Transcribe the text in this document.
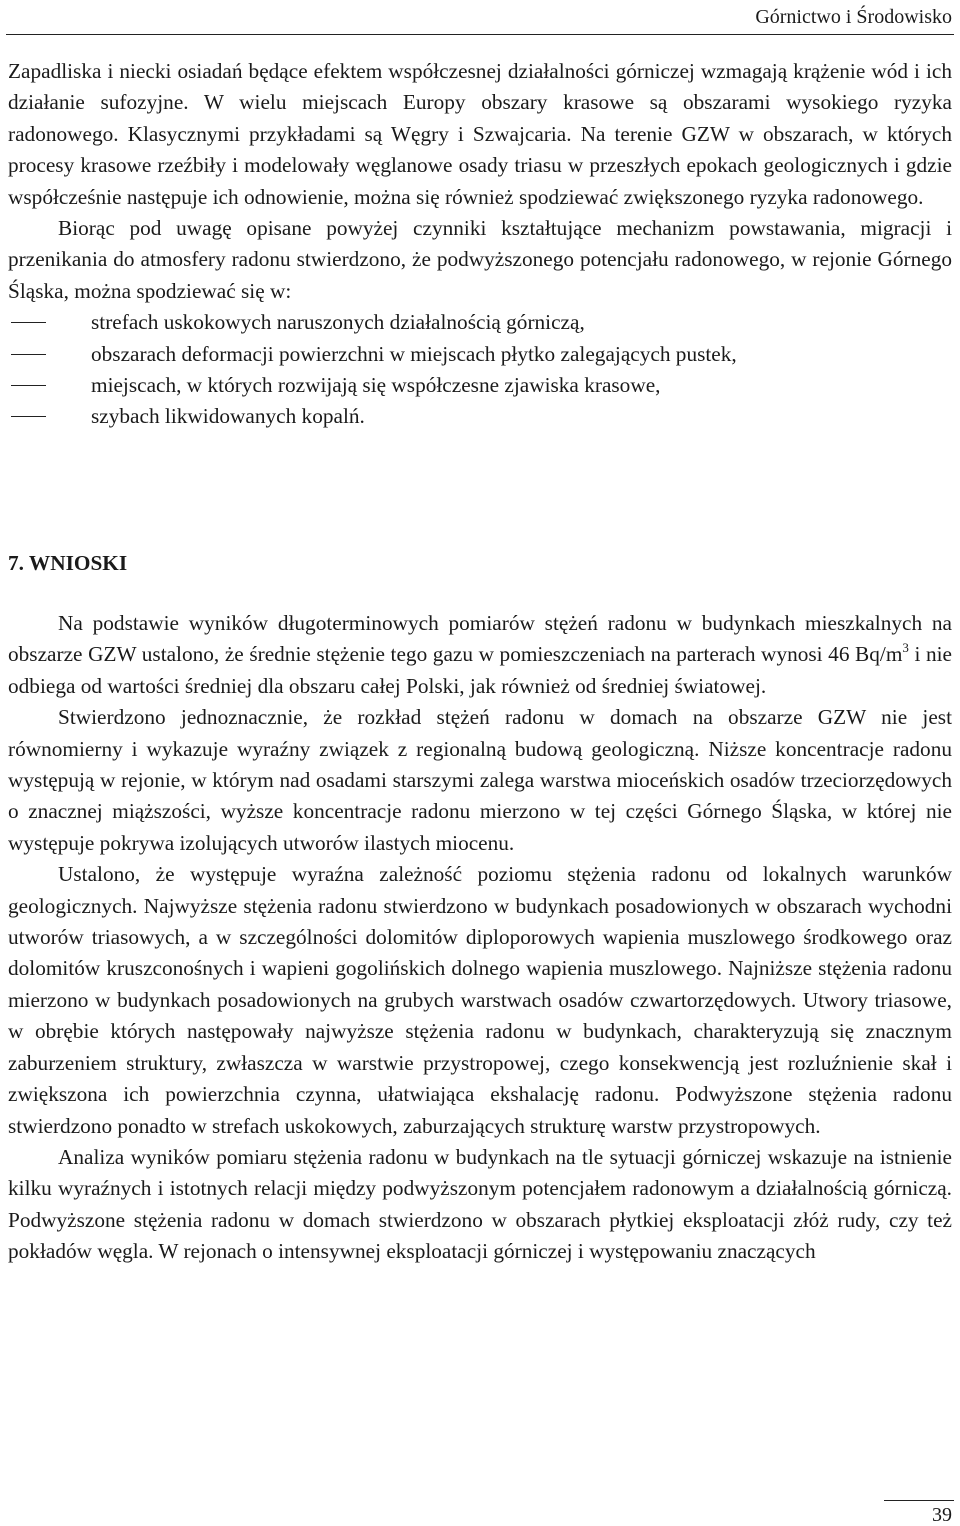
Górnictwo i Środowisko

Zapadliska i niecki osiadań będące efektem współczesnej działalności górniczej wzmagają krążenie wód i ich działanie sufozyjne. W wielu miejscach Europy obszary krasowe są obszarami wysokiego ryzyka radonowego. Klasycznymi przykładami są Węgry i Szwajcaria. Na terenie GZW w obszarach, w których procesy krasowe rzeźbiły i modelowały węglanowe osady triasu w przeszłych epokach geologicznych i gdzie współcześnie następuje ich odnowienie, można się również spodziewać zwiększonego ryzyka radonowego.

Biorąc pod uwagę opisane powyżej czynniki kształtujące mechanizm powstawania, migracji i przenikania do atmosfery radonu stwierdzono, że podwyższonego potencjału radonowego, w rejonie Górnego Śląska, można spodziewać się w:

strefach uskokowych naruszonych działalnością górniczą,
obszarach deformacji powierzchni w miejscach płytko zalegających pustek,
miejscach, w których rozwijają się współczesne zjawiska krasowe,
szybach likwidowanych kopalń.
7. WNIOSKI

Na podstawie wyników długoterminowych pomiarów stężeń radonu w budynkach mieszkalnych na obszarze GZW ustalono, że średnie stężenie tego gazu w pomieszczeniach na parterach wynosi 46 $Bq/m^3$ i nie odbiega od wartości średniej dla obszaru całej Polski, jak również od średniej światowej.

Stwierdzono jednoznacznie, że rozkład stężeń radonu w domach na obszarze GZW nie jest równomierny i wykazuje wyraźny związek z regionalną budową geologiczną. Niższe koncentracje radonu występują w rejonie, w którym nad osadami starszymi zalega warstwa mioceńskich osadów trzeciorzędowych o znacznej miąższości, wyższe koncentracje radonu mierzono w tej części Górnego Śląska, w której nie występuje pokrywa izolujących utworów ilastych miocenu.

Ustalono, że występuje wyraźna zależność poziomu stężenia radonu od lokalnych warunków geologicznych. Najwyższe stężenia radonu stwierdzono w budynkach posadowionych w obszarach wychodni utworów triasowych, a w szczególności dolomitów diploporowych wapienia muszlowego środkowego oraz dolomitów kruszconośnych i wapieni gogolińskich dolnego wapienia muszlowego. Najniższe stężenia radonu mierzono w budynkach posadowionych na grubych warstwach osadów czwartorzędowych. Utwory triasowe, w obrębie których następowały najwyższe stężenia radonu w budynkach, charakteryzują się znacznym zaburzeniem struktury, zwłaszcza w warstwie przystropowej, czego konsekwencją jest rozluźnienie skał i zwiększona ich powierzchnia czynna, ułatwiająca ekshalację radonu. Podwyższone stężenia radonu stwierdzono ponadto w strefach uskokowych, zaburzających strukturę warstw przystropowych.

Analiza wyników pomiaru stężenia radonu w budynkach na tle sytuacji górniczej wskazuje na istnienie kilku wyraźnych i istotnych relacji między podwyższonym potencjałem radonowym a działalnością górniczą. Podwyższone stężenia radonu w domach stwierdzono w obszarach płytkiej eksploatacji złóż rudy, czy też pokładów węgla. W rejonach o intensywnej eksploatacji górniczej i występowaniu znaczących

39
